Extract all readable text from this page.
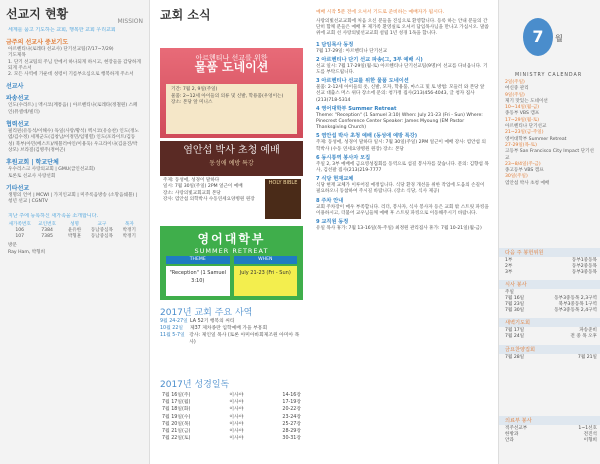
선교지 현황
MISSION
세계를 품고 기도하는 교회, 행복한 교회 우리교회
금주의 선교사 중보기도
아르헨티나(로레타 선교사) 단기선교팀(7/17~7/29)
기도제목
1. 단기 선교팀의 주님 안에서 하나되게 하시고, 현장들을 감당하게 되게 주소서
2. 모든 사역에 가운데 성령이 기름부으심으로 행복하게 주소서
선교사
파송선교
인도(수라트) | 멕시코(계통음) | 아르헨티나(로레타(정철원) 스페인(뮤셀데/빌더)
협력선교
필리핀(유동석/이해수) 독일(사랑/황석) 멕시코(유승찬) 인도(정노엽/김수정) 세계군도(김창남/이정민/임명렬) 인도(포라이트/김동성) 북부(아민(베스트)/캐블러마인/이용욱) 우크라이나(김윤진/박상모) 브라질(김병주(정여곤)
후원교회 | 학교단체
우수리스크 사랑의교회 | GMU(급인선교회)
토론토 선교사 사랑선회
기타선교
생명의 언어 | MCWI | 가지인교회 | 미주록음방송 (소망음쉐블) | 청년 선교 | CGNTV
지난 주에 등록하신 새가족을 소개합니다.
새가족번호	교인번호	성명	교구	목자
106	7384	윤유한	동남중심목	박정기
107	7385	박형훈	동남중심목	박정기
방문
Ray Ham, 박형희
교회 소식
아르헨티나 선교를 위한
물품 도네이션
기간: 7월 2, 9일(주일)
물품: 2~12세 아이들의 의류 및 신발, 학용품(우엉이는)
장소: 본당 앞 미니스
염안섭 박사 초청 예배
동성애 예방 특강
주제: 동성애, 성경이 말하다
일시: 7월 30일(주일) 2PM 얼근이 예배
장소: 사랑의빛교회교회 본당
강사: 염안섭 의학박사 수동연세요양병원 원장
HOLY BIBLE
영어대학부
SUMMER RETREAT
THEME	WHEN
"Reception" (1 Samuel 3:10)
July 21-23 (Fri - Sun)
2017년 교회 주요 사역
9월 24-27일 LA 52기 행복의 씨티
10월 22일	제37 제차종란 입학예배 가을 부흥회
11월 5-7일 강사: 제인일 목사 (토론 아미아바회제조원 아미아 목사)
2017년 성경일독
7월 16일(주)	이사야	14-16장
7월 17일(월)	이사야	17-19장
7월 18일(화)	이사야	20-22장
7월 19일(수)	이사야	23-24장
7월 20일(목)	이사야	25-27장
7월 21일(금)	이사야	28-29장
7월 22일(토)	이사야	30-31장
예배 시작 5분 전에 오셔서 기도로 준비하는 예배자가 됩시다.
사랑의빛선교교회에 처음 오신 분들을 진심으로 환영합니다. 등록 하는 안내 분들의 간단히 함께 분들은 예배 후 제가족 환영실로 오셔서 담임목사님을 만나고 가십시오. 말씀 위에 교회 선 사랑의빛선교교회 설립 1년 성경 1독을 합니다.
1 담임목사 동정
7월 17-29일: 아르헨티나 단기선교
2 아르헨티나 단기 선교 파송(그, 3부 예배 시)
선교 일시: 7월 17-29일(월-토) 아르헨티나 단기선교팀(9명)이 선교를 다녀옵니다. 기도를 부탁드립니다.
3 아르헨티나 선교를 위한 물품 도네이션
물품: 2-12세 아이들의 옷, 신발, 모자, 학용품, 마스크 및 토 방법: 모들러 와 본당 앞 선교 대출스 머스 위다 장소에 문의: 청가정 집사(213)456-4043, 글 청자 집사(213)718-5314
4 영어대학부 Summer Retreat
Theme: "Reception" (1 Samuel 3:10) When: July 21-23 (Fri - Sun) Where: Pinecrest Conference Center Speaker: James Myoung (EM Pastor Thanksgiving Church)
5 염안섭 박사 초청 예배 (동성애 예방 특강)
주제: 동성애, 성경이 말하다 일시: 7월 30일(주일) 2PM 얼근이 예배 강사: 염안섭 의학박사 (수동 연세요양병원 원장) 장소: 본당
6 동시통역 봉사자 모집
주일 2, 3부 예배에 금요영성집회를 동역으로 섬길 봉사자를 찾습니다. 문의: 김향섭 목사, 김선팔 집사(213)219-7777
7 식당 현재교체
식당 현재 교체가 이루어질 예정입니다. 식당 환경 개선을 위한 작업에 도움의 손길이 필요하오니 동참하여 주시길 바랍니다. (장소 식당, 식사 제공)
8 주차 안내
교회 주차장이 매우 부족합니다. 리더, 봉사자, 식사 봉사자 등은 교회 밖 스트릿 파킹을 이용하시고, 더불어 교우님들께 예배 후 스트릿 파킹으로 이동해주시기 바랍니다.
9 교직원 동정
유일 목사 휴가: 7월 13-16일(목-주일) 최정원 관리집사 휴가: 7월 10-21일(월-금)
7	월
MINISTRY CALENDAR
2일(주일)
여신중 관리
9일(주일)
제기 맛있는 도네이션
10~14일(월-금)
종동부 VBS 캠프
17~29일(월-토)
아르헨티나 단기선교
21~23일(금-주일)
영어대학부 Summer Retreat
27-29일(목-토)
고등부 San Francisco City Impact 단기선교
23~8/4일(주-금)
종고등부 VBS 캠프
30일(주일)
염안섭 박사 초청 예배
다음 주 봉헌위원
1부	동부1중동목
2부	동부2중동목
3부	동부3중동목
식사 봉사
주일
7월 16일	동부3중동목 2,3구역
7월 23일	북부3중동목 1구역
7월 30일	동부3중동목 2,4구역
새벽기도회
7월 17일	파송준비
7월 24일	전 중 목 오후
금요찬양집회
7월 28일	7월 21일
의료부 봉사
적주선교부	1~1선호
한방과	전진석
안과	이형희
